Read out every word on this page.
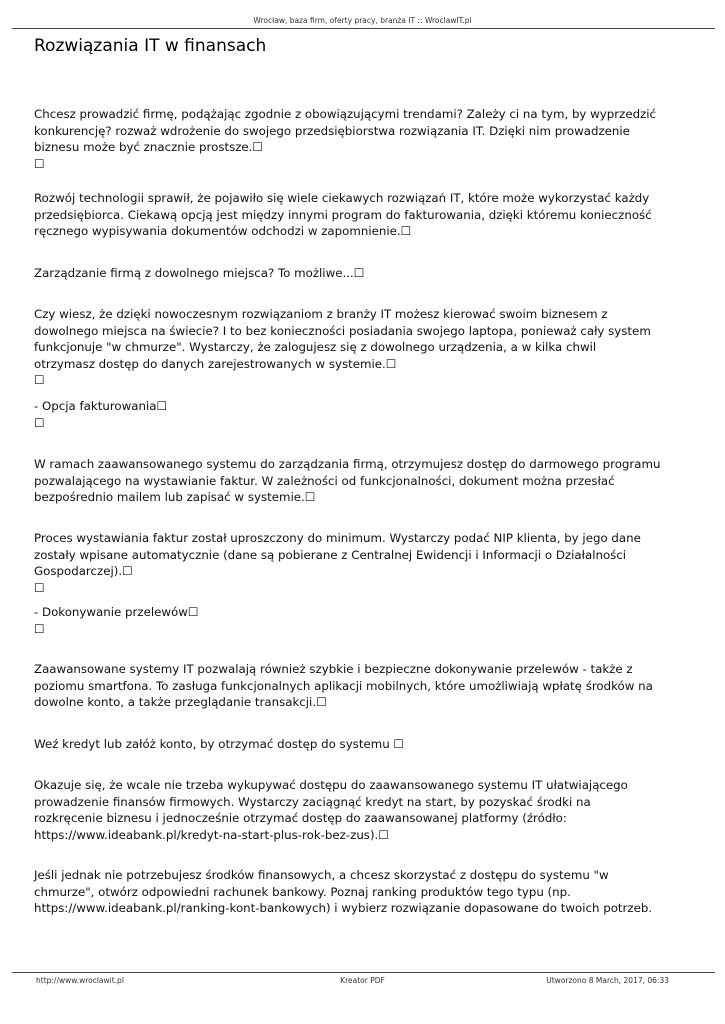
Wrocław, baza firm, oferty pracy, branża IT :: WroclawIT.pl
Rozwiązania IT w finansach

Chcesz prowadzić firmę, podążając zgodnie z obowiązującymi trendami? Zależy ci na tym, by wyprzedzić
konkurencję? rozważ wdrożenie do swojego przedsiębiorstwa rozwiązania IT. Dzięki nim prowadzenie
biznesu może być znacznie prostsze.☐
☐

Rozwój technologii sprawił, że pojawiło się wiele ciekawych rozwiązań IT, które może wykorzystać każdy
przedsiębiorca. Ciekawą opcją jest między innymi program do fakturowania, dzięki któremu konieczność
ręcznego wypisywania dokumentów odchodzi w zapomnienie.☐

Zarządzanie firmą z dowolnego miejsca? To możliwe...☐

Czy wiesz, że dzięki nowoczesnym rozwiązaniom z branży IT możesz kierować swoim biznesem z
dowolnego miejsca na świecie? I to bez konieczności posiadania swojego laptopa, ponieważ cały system
funkcjonuje "w chmurze". Wystarczy, że zalogujesz się z dowolnego urządzenia, a w kilka chwil
otrzymasz dostęp do danych zarejestrowanych w systemie.☐
☐

- Opcja fakturowania☐
☐

W ramach zaawansowanego systemu do zarządzania firmą, otrzymujesz dostęp do darmowego programu
pozwalającego na wystawianie faktur. W zależności od funkcjonalności, dokument można przesłać
bezpośrednio mailem lub zapisać w systemie.☐

Proces wystawiania faktur został uproszczony do minimum. Wystarczy podać NIP klienta, by jego dane
zostały wpisane automatycznie (dane są pobierane z Centralnej Ewidencji i Informacji o Działalności
Gospodarczej).☐
☐

- Dokonywanie przelewów☐
☐

Zaawansowane systemy IT pozwalają również szybkie i bezpieczne dokonywanie przelewów - także z
poziomu smartfona. To zasługa funkcjonalnych aplikacji mobilnych, które umożliwiają wpłatę środków na
dowolne konto, a także przeglądanie transakcji.☐

Weź kredyt lub załóż konto, by otrzymać dostęp do systemu ☐

Okazuje się, że wcale nie trzeba wykupywać dostępu do zaawansowanego systemu IT ułatwiającego
prowadzenie finansów firmowych. Wystarczy zaciągnąć kredyt na start, by pozyskać środki na
rozkręcenie biznesu i jednocześnie otrzymać dostęp do zaawansowanej platformy (źródło:
https://www.ideabank.pl/kredyt-na-start-plus-rok-bez-zus).☐

Jeśli jednak nie potrzebujesz środków finansowych, a chcesz skorzystać z dostępu do systemu "w
chmurze", otwórz odpowiedni rachunek bankowy. Poznaj ranking produktów tego typu (np.
https://www.ideabank.pl/ranking-kont-bankowych) i wybierz rozwiązanie dopasowane do twoich potrzeb.

http://www.wroclawit.pl	Kreator PDF	Utworzono 8 March, 2017, 06:33
